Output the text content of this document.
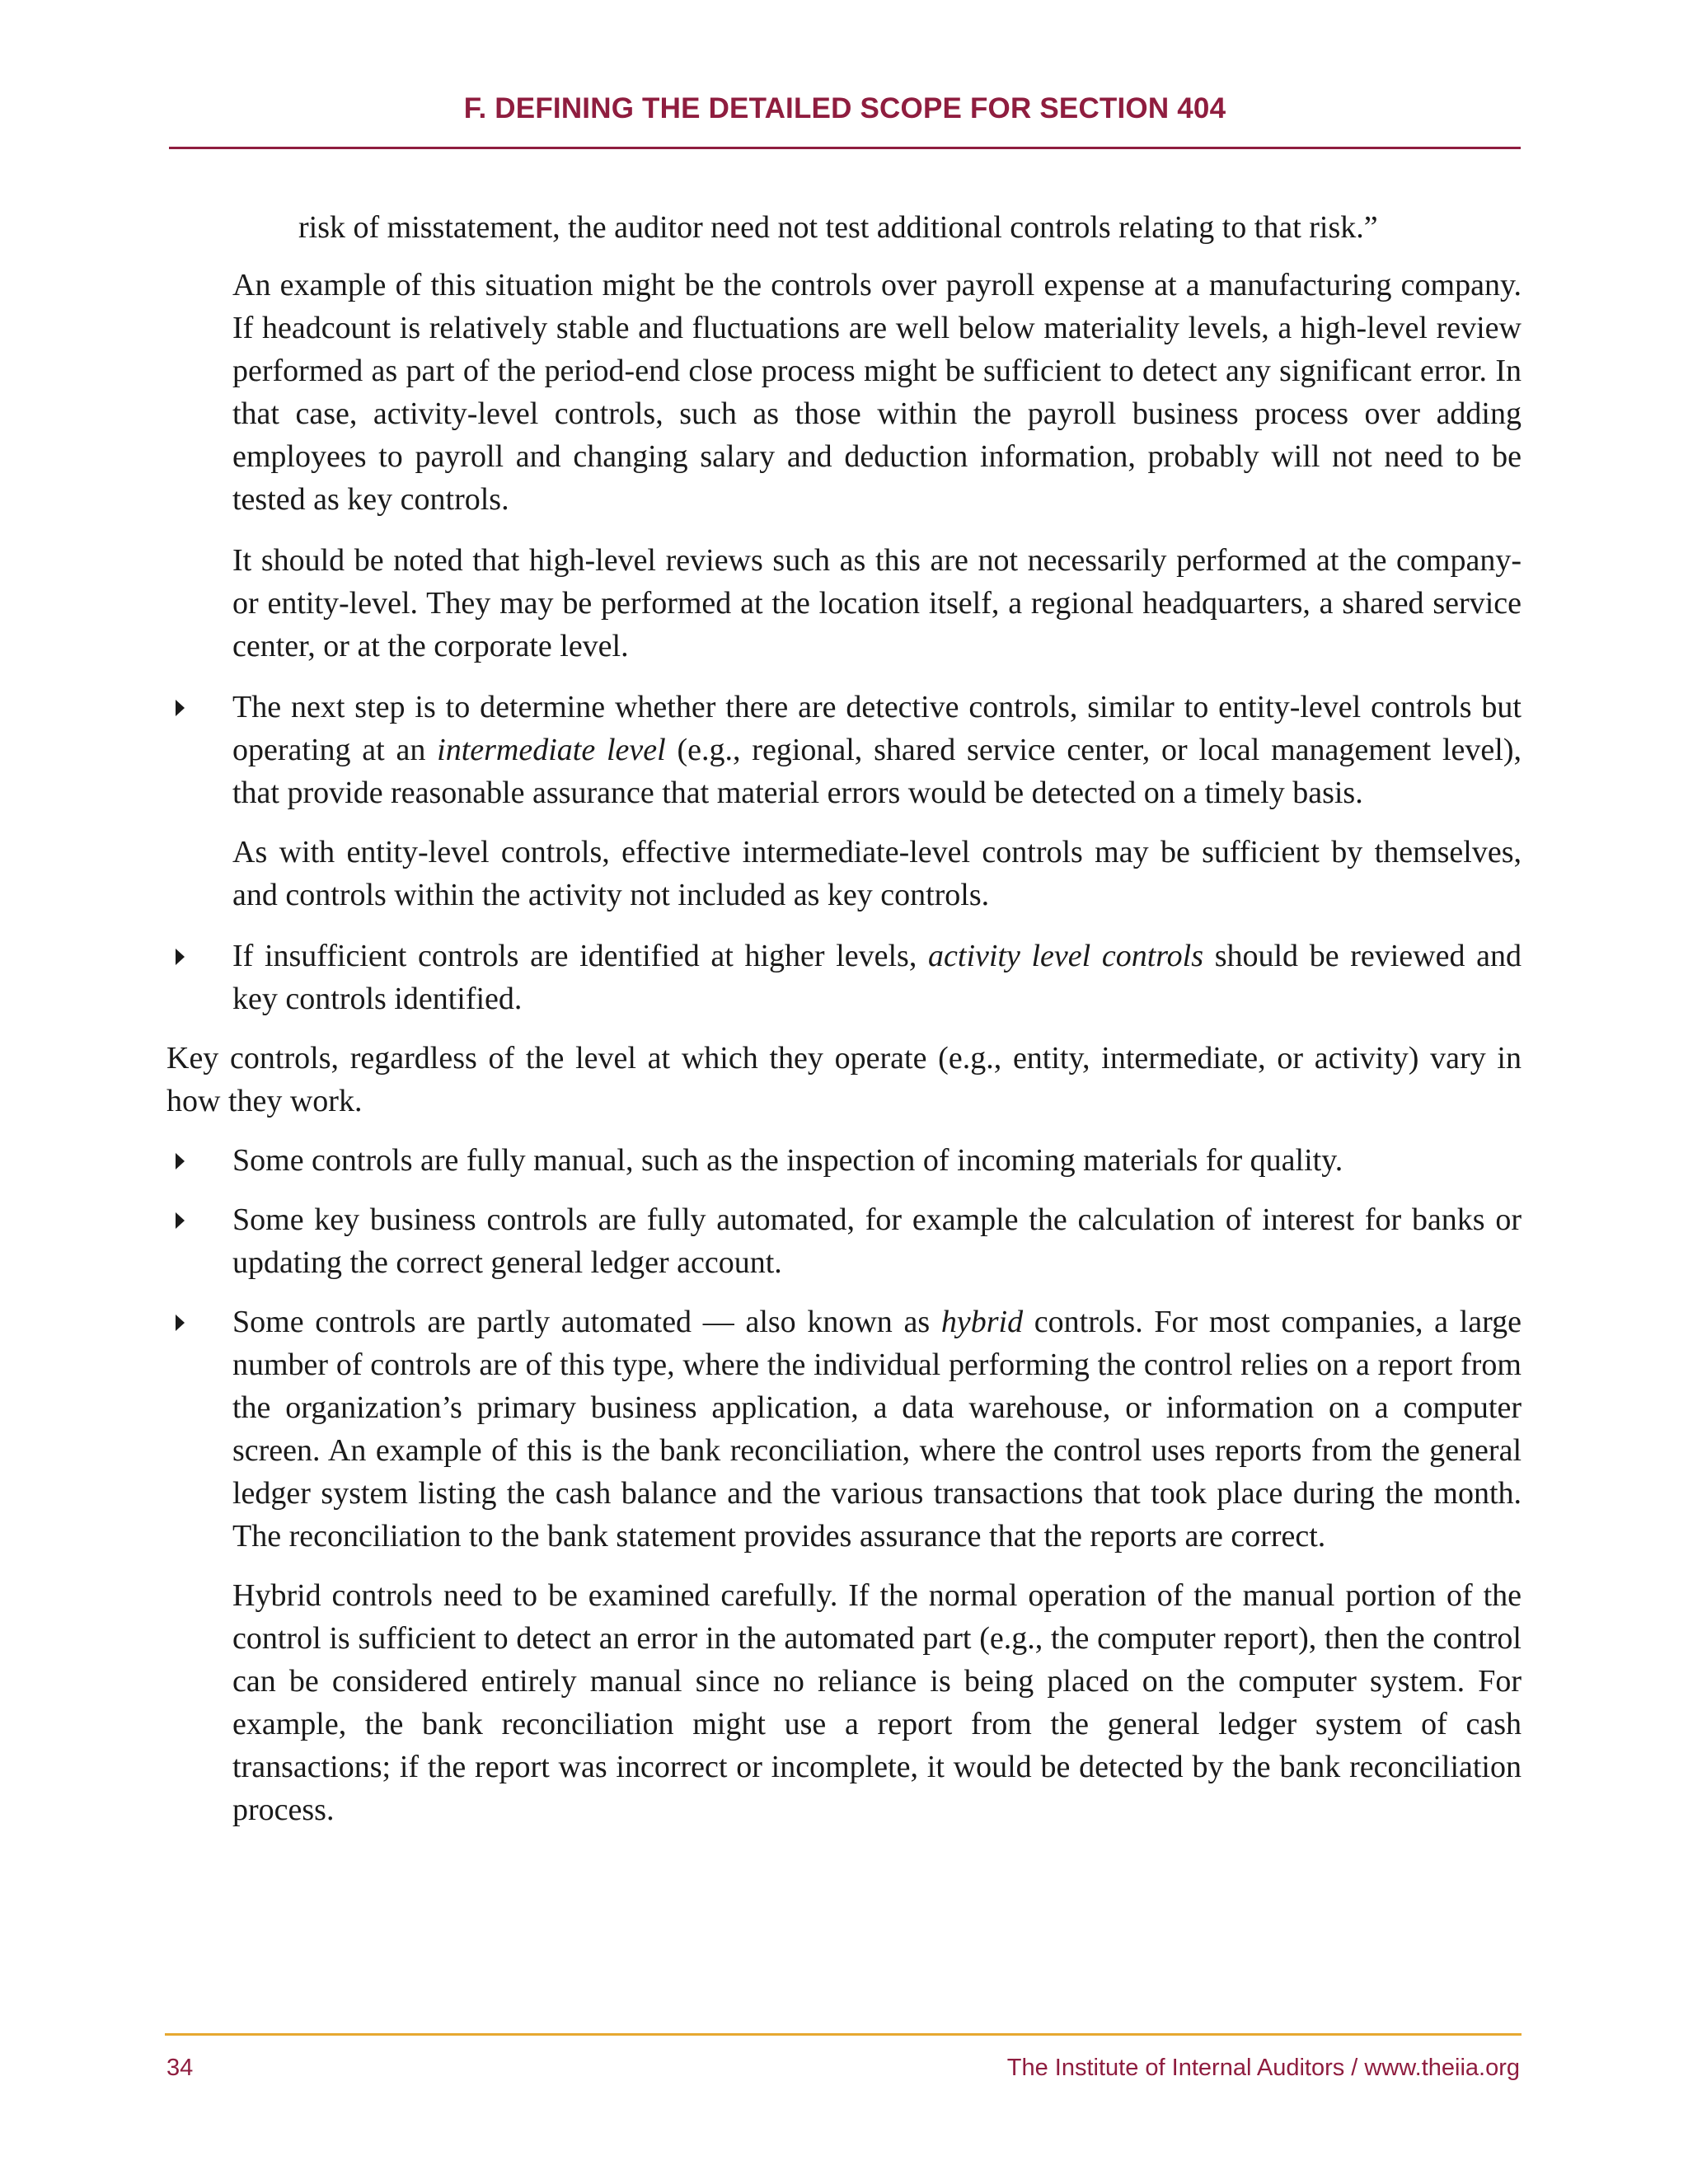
F. DEFINING THE DETAILED SCOPE FOR SECTION 404

risk of misstatement, the auditor need not test additional controls relating to that risk.”

An example of this situation might be the controls over payroll expense at a manufacturing company. If headcount is relatively stable and fluctuations are well below materiality levels, a high-level review performed as part of the period-end close process might be sufficient to detect any significant error. In that case, activity-level controls, such as those within the payroll business process over adding employees to payroll and changing salary and deduction information, probably will not need to be tested as key controls.

It should be noted that high-level reviews such as this are not necessarily performed at the company- or entity-level. They may be performed at the location itself, a regional headquarters, a shared service center, or at the corporate level.

The next step is to determine whether there are detective controls, similar to entity-level controls but operating at an intermediate level (e.g., regional, shared service center, or local management level), that provide reasonable assurance that material errors would be detected on a timely basis.

As with entity-level controls, effective intermediate-level controls may be sufficient by themselves, and controls within the activity not included as key controls.

If insufficient controls are identified at higher levels, activity level controls should be reviewed and key controls identified.

Key controls, regardless of the level at which they operate (e.g., entity, intermediate, or activity) vary in how they work.

Some controls are fully manual, such as the inspection of incoming materials for quality.

Some key business controls are fully automated, for example the calculation of interest for banks or updating the correct general ledger account.

Some controls are partly automated — also known as hybrid controls. For most companies, a large number of controls are of this type, where the individual performing the control relies on a report from the organization’s primary business application, a data warehouse, or information on a computer screen. An example of this is the bank reconciliation, where the control uses reports from the general ledger system listing the cash balance and the various transactions that took place during the month. The reconciliation to the bank statement provides assurance that the reports are correct.

Hybrid controls need to be examined carefully. If the normal operation of the manual portion of the control is sufficient to detect an error in the automated part (e.g., the computer report), then the control can be considered entirely manual since no reliance is being placed on the computer system. For example, the bank reconciliation might use a report from the general ledger system of cash transactions; if the report was incorrect or incomplete, it would be detected by the bank reconciliation process.

34	The Institute of Internal Auditors / www.theiia.org
